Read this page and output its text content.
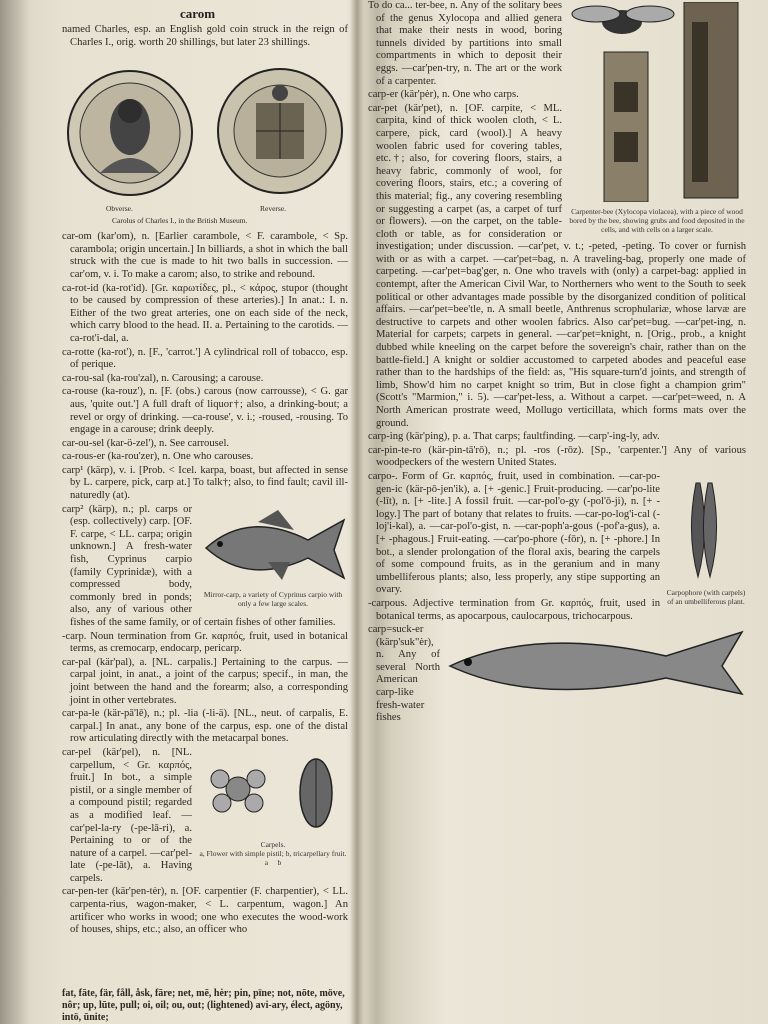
carom

named Charles, esp. an English gold coin struck in the reign of Charles I., orig. worth 20 shillings, but later 23 shillings.

Obverse.	Reverse.
Carolus of Charles I., in the British Museum.

car-om (kar'om), n. [Earlier carambole, < F. carambole, < Sp. carambola; origin uncertain.] In billiards, a shot in which the ball struck with the cue is made to hit two balls in succession. —car'om, v. i. To make a carom; also, to strike and rebound.

ca-rot-id (ka-rot'id). [Gr. καρωτίδες, pl., < κάρος, stupor (thought to be caused by compression of these arteries).] In anat.: I. n. Either of the two great arteries, one on each side of the neck, which carry blood to the head. II. a. Pertaining to the carotids. —ca-rot'i-dal, a.

ca-rotte (ka-rot'), n. [F., 'carrot.'] A cylindrical roll of tobacco, esp. of perique.

ca-rou-sal (ka-rou'zal), n. Carousing; a carouse.

ca-rouse (ka-rouz'), n. [F. (obs.) carous (now carrousse), < G. gar aus, 'quite out.'] A full draft of liquor†; also, a drinking-bout; a revel or orgy of drinking. —ca-rouse', v. i.; -roused, -rousing. To engage in a carouse; drink deeply.

car-ou-sel (kar-ö-zel'), n. See carrousel.

ca-rous-er (ka-rou'zer), n. One who carouses.

carp¹ (kärp), v. i. [Prob. < Icel. karpa, boast, but affected in sense by L. carpere, pick, carp at.] To talk†; also, to find fault; cavil ill-naturedly (at).

Mirror-carp, a variety of Cyprinus carpio with only a few large scales.

carp² (kärp), n.; pl. carps or (esp. collectively) carp. [OF. F. carpe, < LL. carpa; origin unknown.] A fresh-water fish, Cyprinus carpio (family Cyprinidæ), with a compressed body, commonly bred in ponds; also, any of various other fishes of the same family, or of certain fishes of other families.

-carp. Noun termination from Gr. καρπός, fruit, used in botanical terms, as cremocarp, endocarp, pericarp.

car-pal (kär'pal), a. [NL. carpalis.] Pertaining to the carpus. —carpal joint, in anat., a joint of the carpus; specif., in man, the joint between the hand and the forearm; also, a corresponding joint in other vertebrates.

car-pa-le (kär-pā'lē), n.; pl. -lia (-li-ä). [NL., neut. of carpalis, E. carpal.] In anat., any bone of the carpus, esp. one of the distal row articulating directly with the metacarpal bones.

Carpels.
a, Flower with simple pistil; b, tricarpellary fruit.
a b

car-pel (kär'pel), n. [NL. carpellum, < Gr. καρπός, fruit.] In bot., a simple pistil, or a single member of a compound pistil; regarded as a modified leaf. —car'pel-la-ry (-pe-lā-ri), a. Pertaining to or of the nature of a carpel. —car'pel-late (-pe-lāt), a. Having carpels.

car-pen-ter (kär'pen-tėr), n. [OF. carpentier (F. charpentier), < LL. carpenta-rius, wagon-maker, < L. carpentum, wagon.] An artificer who works in wood; one who executes the wood-work of houses, ships, etc.; also, an officer who

fat, fāte, fär, fåll, åsk, fāre; net, mē, hėr; pin, pīne; not, nōte, möve, nôr; up, lūte, pull; oi, oil; ou, out; (lightened) avi-ary, élect, agöny, intö, ūnite;
Carpenter-bee (Xylocopa violacea), with a piece of wood bored by the bee, showing grubs and food deposited in the cells, and with cells on a larger scale.

To do ca... ter-bee, n. Any of the solitary bees of the genus Xylocopa and allied genera that make their nests in wood, boring tunnels divided by partitions into small compartments in which to deposit their eggs. —car'pen-try, n. The art or the work of a carpenter.

carp-er (kär'pėr), n. One who carps.

car-pet (kär'pet), n. [OF. carpite, < ML. carpita, kind of thick woolen cloth, < L. carpere, pick, card (wool).] A heavy woolen fabric used for covering tables, etc.†; also, for covering floors, stairs, a heavy fabric, commonly of wool, for covering floors, stairs, etc.; a covering of this material; fig., any covering resembling or suggesting a carpet (as, a carpet of turf or flowers). —on the carpet, on the table-cloth or table, as for consideration or investigation; under discussion. —car'pet, v. t.; -peted, -peting. To cover or furnish with or as with a carpet. —car'pet=bag, n. A traveling-bag, properly one made of carpeting. —car'pet=bag'ger, n. One who travels with (only) a carpet-bag: applied in contempt, after the American Civil War, to Northerners who went to the South to seek political or other advantages made possible by the disorganized condition of political affairs. —car'pet=bee'tle, n. A small beetle, Anthrenus scrophulariæ, whose larvæ are destructive to carpets and other woolen fabrics. Also car'pet=bug. —car'pet-ing, n. Material for carpets; carpets in general. —car'pet=knight, n. [Orig., prob., a knight dubbed while kneeling on the carpet before the sovereign's chair, rather than on the battle-field.] A knight or soldier accustomed to carpeted abodes and peaceful ease rather than to the hardships of the field: as, "His square-turn'd joints, and strength of limb, Show'd him no carpet knight so trim, But in close fight a champion grim" (Scott's "Marmion," i. 5). —car'pet-less, a. Without a carpet. —car'pet=weed, n. A North American prostrate weed, Mollugo verticillata, which forms mats over the ground.

carp-ing (kär'ping), p. a. That carps; faultfinding. —carp'-ing-ly, adv.

car-pin-te-ro (kär-pin-tā'rō), n.; pl. -ros (-rōz). [Sp., 'carpenter.'] Any of various woodpeckers of the western United States.

Carpophore (with carpels) of an umbelliferous plant.

carpo-. Form of Gr. καρπός, fruit, used in combination. —car-po-gen-ic (kär-pō-jen'ik), a. [+ -genic.] Fruit-producing. —car'po-lite (-līt), n. [+ -lite.] A fossil fruit. —car-pol'o-gy (-pol'ō-ji), n. [+ -logy.] The part of botany that relates to fruits. —car-po-log'i-cal (-loj'i-kal), a. —car-pol'o-gist, n. —car-poph'a-gous (-pof'a-gus), a. [+ -phagous.] Fruit-eating. —car'po-phore (-fōr), n. [+ -phore.] In bot., a slender prolongation of the floral axis, bearing the carpels of some compound fruits, as in the geranium and in many umbelliferous plants; also, less properly, any stipe supporting an ovary.

-carpous. Adjective termination from Gr. καρπός, fruit, used in botanical terms, as apocarpous, caulocarpous, trichocarpous.

carp=suck-er (kärp'suk"ėr), n. Any of several North American carp-like fresh-water fishes
